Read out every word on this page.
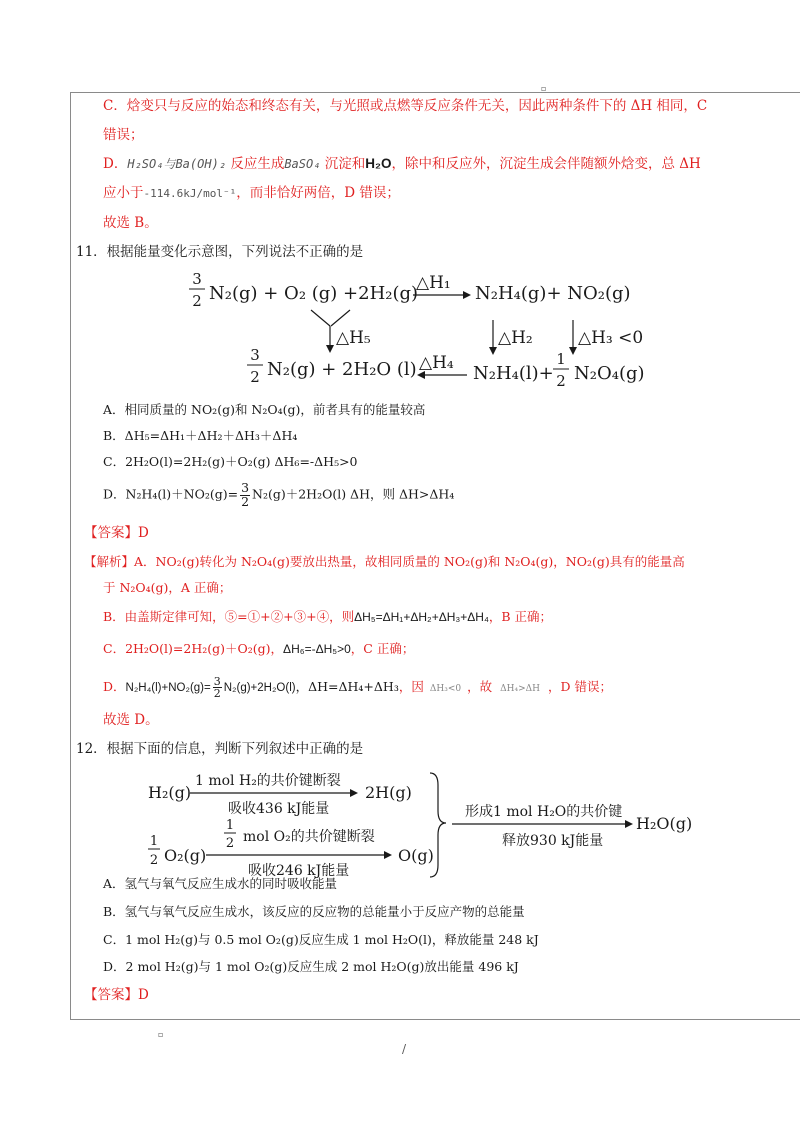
▫
C．焓变只与反应的始态和终态有关，与光照或点燃等反应条件无关，因此两种条件下的 ΔH 相同，C
错误；
D．H₂SO₄与Ba(OH)₂ 反应生成BaSO₄ 沉淀和H₂O，除中和反应外，沉淀生成会伴随额外焓变，总 ΔH
应小于-114.6kJ/mol⁻¹，而非恰好两倍，D 错误；
故选 B。
11．根据能量变化示意图，下列说法不正确的是
3
2 N₂(g) + O₂ (g) +2H₂(g)
△H₁ N₂H₄(g)+ NO₂(g)
△H₅	△H₂	△H₃ <0
3
2 N₂(g) + 2H₂O (l) △H₄ N₂H₄(l)+
1
2 N₂O₄(g)
A．相同质量的 NO₂(g)和 N₂O₄(g)，前者具有的能量较高
B．ΔH₅=ΔH₁＋ΔH₂＋ΔH₃＋ΔH₄
C．2H₂O(l)=2H₂(g)＋O₂(g) ΔH₆=-ΔH₅>0
D．$N_2H_4(l)+NO_2(g)= \frac{3}{2} N_2(g)+2H_2O(l)$ ΔH，则 ΔH>ΔH₄
【答案】D
【解析】A．NO₂(g)转化为 N₂O₄(g)要放出热量，故相同质量的 NO₂(g)和 N₂O₄(g)，NO₂(g)具有的能量高
于 N₂O₄(g)，A 正确；
B．由盖斯定律可知，⑤=①+②+③+④，则ΔH₅=ΔH₁+ΔH₂+ΔH₃+ΔH₄，B 正确；
C．2H₂O(l)=2H₂(g)＋O₂(g)，ΔH₆=-ΔH₅>0，C 正确；
D．$N_2H_4(l)+NO_2(g)= \frac{3}{2} N_2(g)+2H_2O(l)$，ΔH=ΔH₄+ΔH₃，因 ΔH₃<0 ，故 ΔH₄>ΔH ，D 错误；
故选 D。
12．根据下面的信息，判断下列叙述中正确的是
H₂(g)
1 mol H₂的共价键断裂
吸收436 kJ能量
2H(g)
形成1 mol H₂O的共价键
释放930 kJ能量
H₂O(g)
1
2 O₂(g)
1
2 mol O₂的共价键断裂
吸收246 kJ能量
O(g)
A．氢气与氧气反应生成水的同时吸收能量
B．氢气与氧气反应生成水，该反应的反应物的总能量小于反应产物的总能量
C．1 mol H₂(g)与 0.5 mol O₂(g)反应生成 1 mol H₂O(l)，释放能量 248 kJ
D．2 mol H₂(g)与 1 mol O₂(g)反应生成 2 mol H₂O(g)放出能量 496 kJ
【答案】D
▫
/
